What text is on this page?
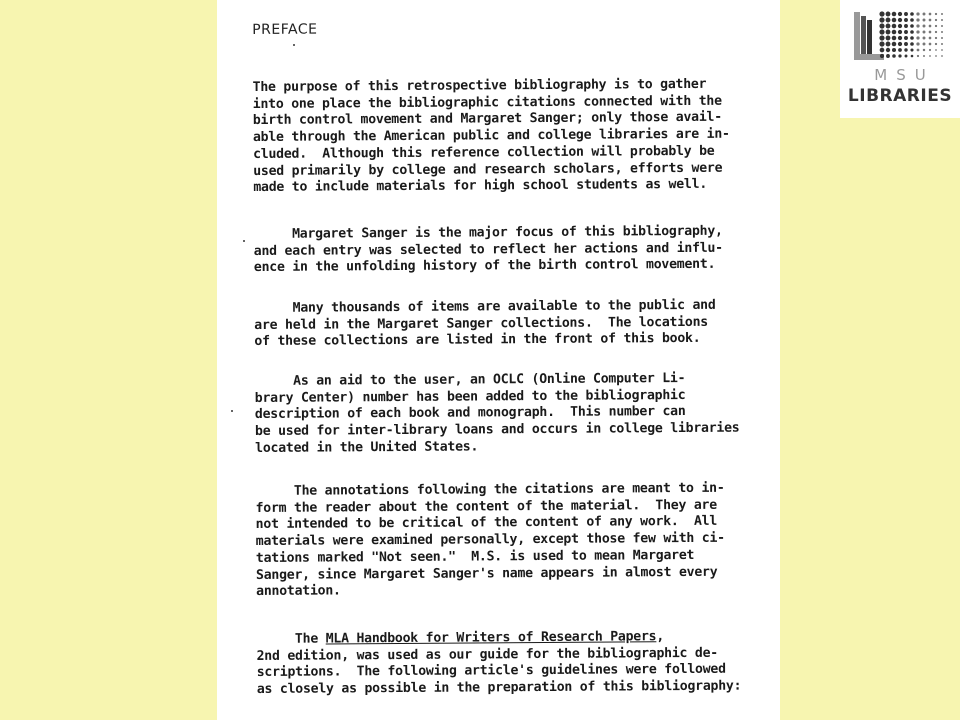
PREFACE

The purpose of this retrospective bibliography is to gather
into one place the bibliographic citations connected with the
birth control movement and Margaret Sanger; only those avail-
able through the American public and college libraries are in-
cluded.  Although this reference collection will probably be
used primarily by college and research scholars, efforts were
made to include materials for high school students as well.

Margaret Sanger is the major focus of this bibliography,
and each entry was selected to reflect her actions and influ-
ence in the unfolding history of the birth control movement.

Many thousands of items are available to the public and
are held in the Margaret Sanger collections.  The locations
of these collections are listed in the front of this book.

As an aid to the user, an OCLC (Online Computer Li-
brary Center) number has been added to the bibliographic
description of each book and monograph.  This number can
be used for inter-library loans and occurs in college libraries
located in the United States.

The annotations following the citations are meant to in-
form the reader about the content of the material.  They are
not intended to be critical of the content of any work.  All
materials were examined personally, except those few with ci-
tations marked "Not seen."  M.S. is used to mean Margaret
Sanger, since Margaret Sanger's name appears in almost every
annotation.

The MLA Handbook for Writers of Research Papers,
2nd edition, was used as our guide for the bibliographic de-
scriptions.  The following article's guidelines were followed
as closely as possible in the preparation of this bibliography:

MSU
LIBRARIES
